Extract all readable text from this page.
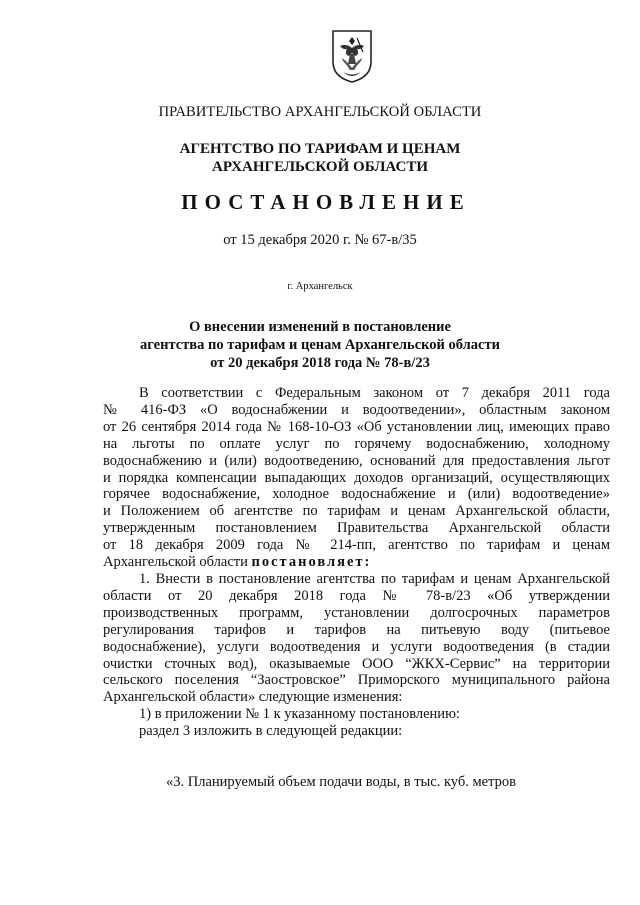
ПРАВИТЕЛЬСТВО АРХАНГЕЛЬСКОЙ ОБЛАСТИ
АГЕНТСТВО ПО ТАРИФАМ И ЦЕНАМ
АРХАНГЕЛЬСКОЙ ОБЛАСТИ
ПОСТАНОВЛЕНИЕ
от 15 декабря 2020 г. № 67-в/35
г. Архангельск
О внесении изменений в постановление
агентства по тарифам и ценам Архангельской области
от 20 декабря 2018 года № 78-в/23

В соответствии с Федеральным законом от 7 декабря 2011 года

№ 416-ФЗ «О водоснабжении и водоотведении», областным законом

от 26 сентября 2014 года № 168-10-ОЗ «Об установлении лиц, имеющих право

на льготы по оплате услуг по горячему водоснабжению, холодному

водоснабжению и (или) водоотведению, оснований для предоставления льгот

и порядка компенсации выпадающих доходов организаций, осуществляющих

горячее водоснабжение, холодное водоснабжение и (или) водоотведение»

и Положением об агентстве по тарифам и ценам Архангельской области,

утвержденным постановлением Правительства Архангельской области

от 18 декабря 2009 года № 214-пп, агентство по тарифам и ценам

Архангельской области постановляет:

1. Внести в постановление агентства по тарифам и ценам Архангельской

области от 20 декабря 2018 года № 78-в/23 «Об утверждении

производственных программ, установлении долгосрочных параметров

регулирования тарифов и тарифов на питьевую воду (питьевое

водоснабжение), услуги водоотведения и услуги водоотведения (в стадии

очистки сточных вод), оказываемые ООО “ЖКХ-Сервис” на территории

сельского поселения “Заостровское” Приморского муниципального района

Архангельской области» следующие изменения:

1) в приложении № 1 к указанному постановлению:

раздел 3 изложить в следующей редакции:

«3. Планируемый объем подачи воды, в тыс. куб. метров
